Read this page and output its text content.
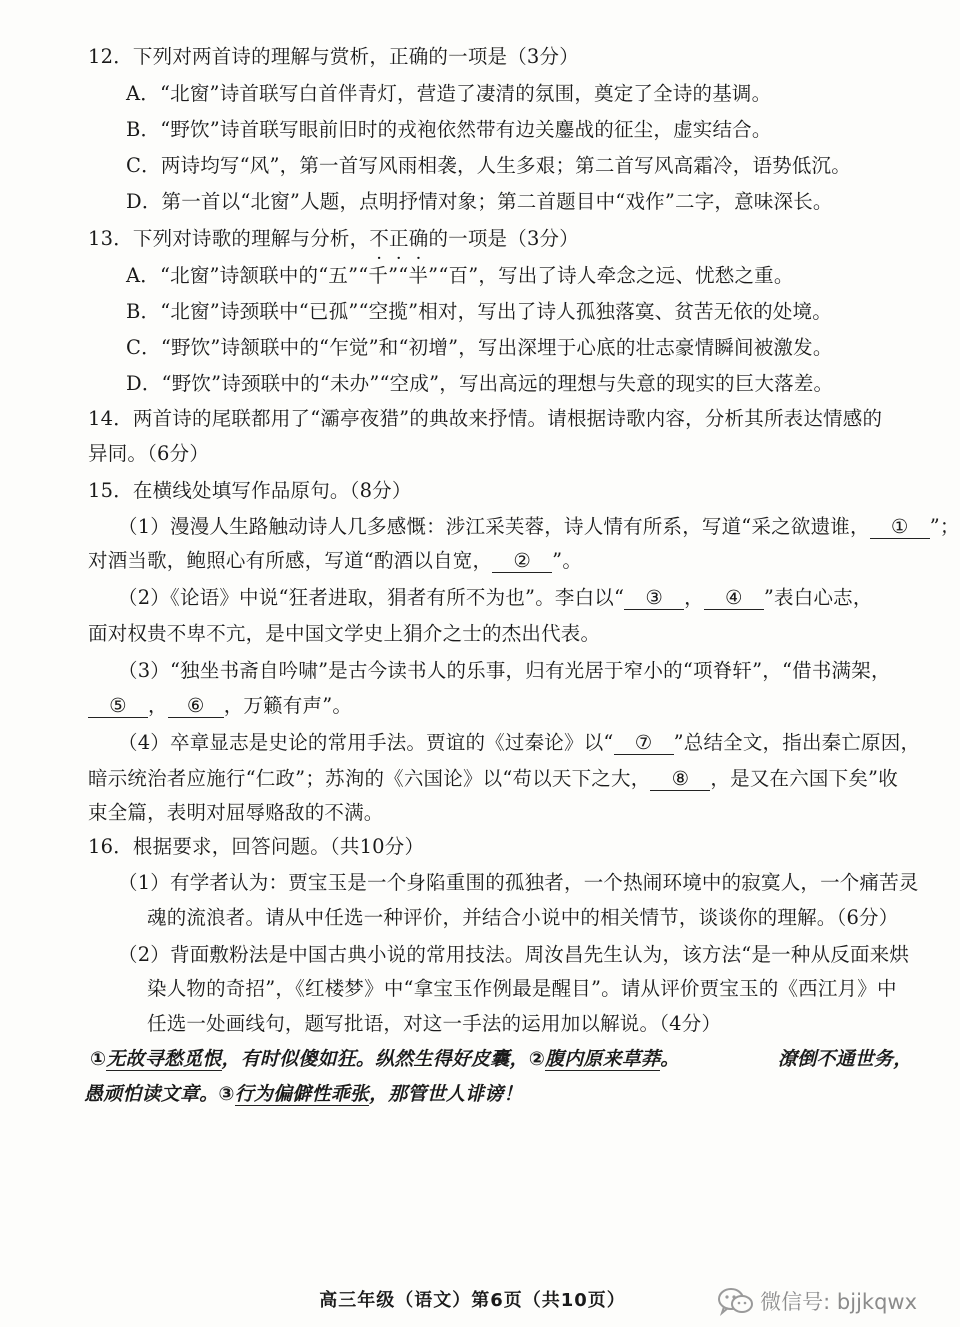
12．下列对两首诗的理解与赏析，正确的一项是（3分）
A．“北窗”诗首联写白首伴青灯，营造了凄清的氛围，奠定了全诗的基调。
B．“野饮”诗首联写眼前旧时的戎袍依然带有边关鏖战的征尘，虚实结合。
C．两诗均写“风”，第一首写风雨相袭，人生多艰；第二首写风高霜冷，语势低沉。
D．第一首以“北窗”人题，点明抒情对象；第二首题目中“戏作”二字，意味深长。
13．下列对诗歌的理解与分析，不正确的一项是（3分）
A．“北窗”诗颔联中的“五”“千”“半”“百”，写出了诗人牵念之远、忧愁之重。
B．“北窗”诗颈联中“已孤”“空揽”相对，写出了诗人孤独落寞、贫苦无依的处境。
C．“野饮”诗颔联中的“乍觉”和“初增”，写出深埋于心底的壮志豪情瞬间被激发。
D．“野饮”诗颈联中的“未办”“空成”，写出高远的理想与失意的现实的巨大落差。
14．两首诗的尾联都用了“灞亭夜猎”的典故来抒情。请根据诗歌内容，分析其所表达情感的
异同。（6分）
15．在横线处填写作品原句。（8分）
（1）漫漫人生路触动诗人几多感慨：涉江采芙蓉，诗人情有所系，写道“采之欲遗谁， ① ”；
对酒当歌，鲍照心有所感，写道“酌酒以自宽， ② ”。
（2）《论语》中说“狂者进取，狷者有所不为也”。李白以“ ③ ， ④ ”表白心志，
面对权贵不卑不亢，是中国文学史上狷介之士的杰出代表。
（3）“独坐书斋自吟啸”是古今读书人的乐事，归有光居于窄小的“项脊轩”，“借书满架，
⑤ ， ⑥ ，万籁有声”。
（4）卒章显志是史论的常用手法。贾谊的《过秦论》以“ ⑦ ”总结全文，指出秦亡原因，
暗示统治者应施行“仁政”；苏洵的《六国论》以“苟以天下之大， ⑧ ，是又在六国下矣”收
束全篇，表明对屈辱赂敌的不满。
16．根据要求，回答问题。（共10分）
（1）有学者认为：贾宝玉是一个身陷重围的孤独者，一个热闹环境中的寂寞人，一个痛苦灵
魂的流浪者。请从中任选一种评价，并结合小说中的相关情节，谈谈你的理解。（6分）
（2）背面敷粉法是中国古典小说的常用技法。周汝昌先生认为，该方法“是一种从反面来烘
染人物的奇招”，《红楼梦》中“拿宝玉作例最是醒目”。请从评价贾宝玉的《西江月》中
任选一处画线句，题写批语，对这一手法的运用加以解说。（4分）
①无故寻愁觅恨，有时似傻如狂。纵然生得好皮囊，②腹内原来草莽。	潦倒不通世务，
愚顽怕读文章。③行为偏僻性乖张，那管世人诽谤！
高三年级（语文）第6页（共10页）	微信号: bjjkqwx
